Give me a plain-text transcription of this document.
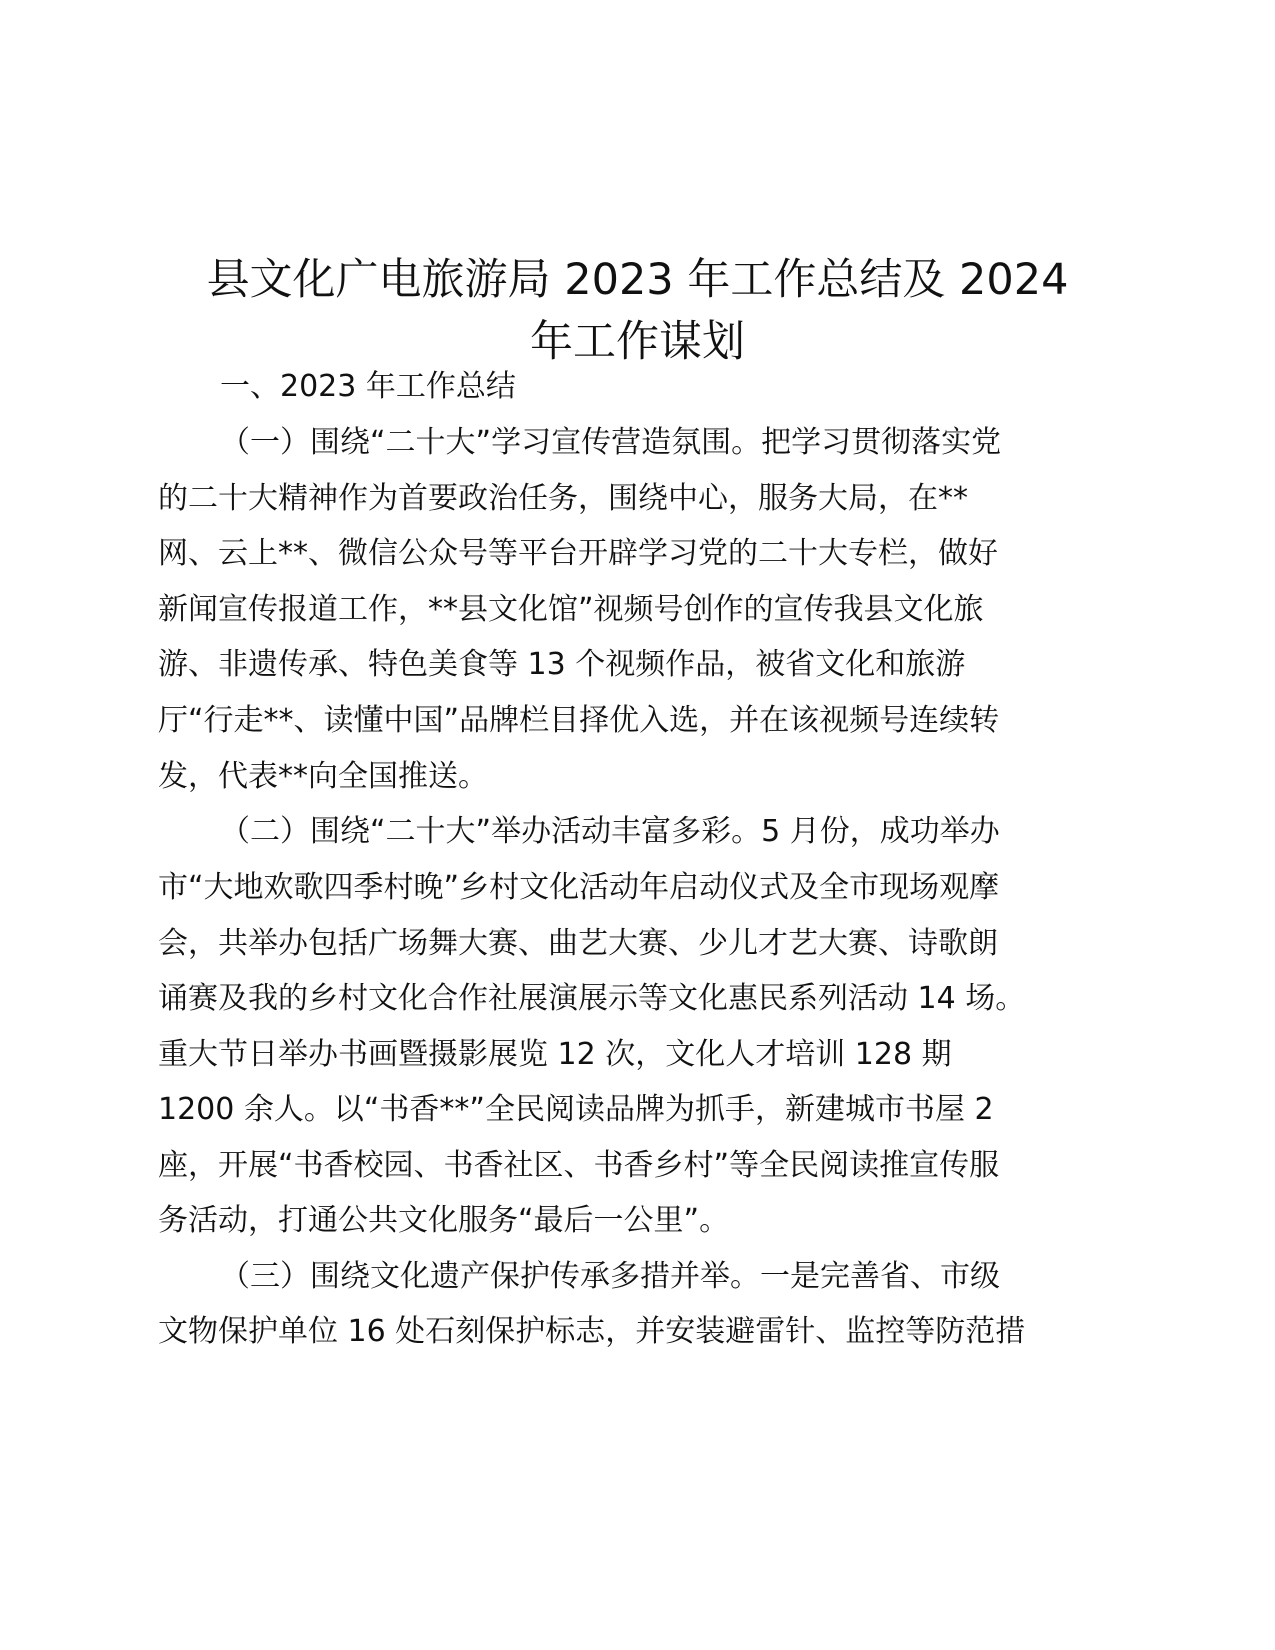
县文化广电旅游局 2023 年工作总结及 2024
年工作谋划
一、2023 年工作总结
（一）围绕“二十大”学习宣传营造氛围。把学习贯彻落实党
的二十大精神作为首要政治任务，围绕中心，服务大局，在**
网、云上**、微信公众号等平台开辟学习党的二十大专栏，做好
新闻宣传报道工作，**县文化馆”视频号创作的宣传我县文化旅
游、非遗传承、特色美食等 13 个视频作品，被省文化和旅游
厅“行走**、读懂中国”品牌栏目择优入选，并在该视频号连续转
发，代表**向全国推送。
（二）围绕“二十大”举办活动丰富多彩。5 月份，成功举办
市“大地欢歌四季村晚”乡村文化活动年启动仪式及全市现场观摩
会，共举办包括广场舞大赛、曲艺大赛、少儿才艺大赛、诗歌朗
诵赛及我的乡村文化合作社展演展示等文化惠民系列活动 14 场。
重大节日举办书画暨摄影展览 12 次，文化人才培训 128 期
1200 余人。以“书香**”全民阅读品牌为抓手，新建城市书屋 2
座，开展“书香校园、书香社区、书香乡村”等全民阅读推宣传服
务活动，打通公共文化服务“最后一公里”。
（三）围绕文化遗产保护传承多措并举。一是完善省、市级
文物保护单位 16 处石刻保护标志，并安装避雷针、监控等防范措
